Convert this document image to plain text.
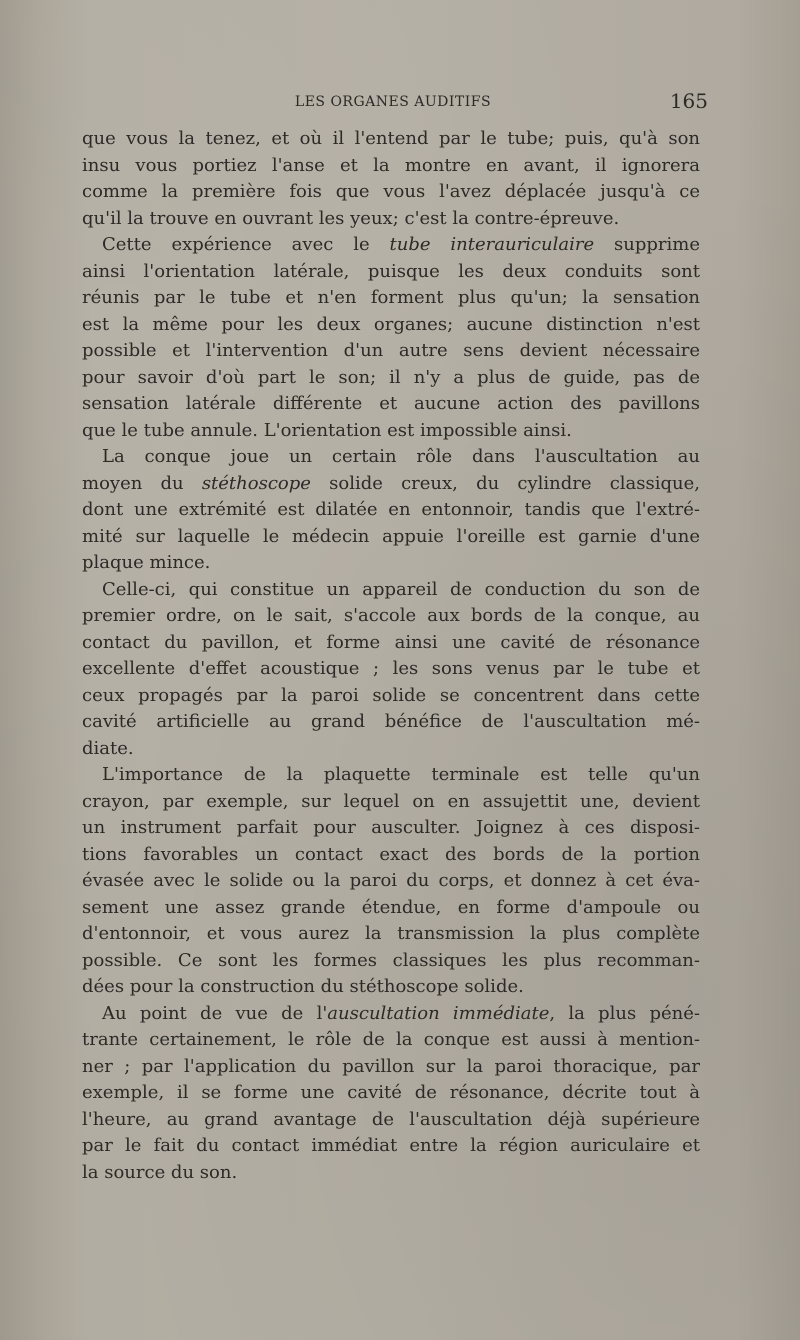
LES ORGANES AUDITIFS	165
que vous la tenez, et où il l'entend par le tube; puis, qu'à son
insu vous portiez l'anse et la montre en avant, il ignorera
comme la première fois que vous l'avez déplacée jusqu'à ce
qu'il la trouve en ouvrant les yeux; c'est la contre-épreuve.
Cette expérience avec le tube interauriculaire supprime
ainsi l'orientation latérale, puisque les deux conduits sont
réunis par le tube et n'en forment plus qu'un; la sensation
est la même pour les deux organes; aucune distinction n'est
possible et l'intervention d'un autre sens devient nécessaire
pour savoir d'où part le son; il n'y a plus de guide, pas de
sensation latérale différente et aucune action des pavillons
que le tube annule. L'orientation est impossible ainsi.
La conque joue un certain rôle dans l'auscultation au
moyen du stéthoscope solide creux, du cylindre classique,
dont une extrémité est dilatée en entonnoir, tandis que l'extré-
mité sur laquelle le médecin appuie l'oreille est garnie d'une
plaque mince.
Celle-ci, qui constitue un appareil de conduction du son de
premier ordre, on le sait, s'accole aux bords de la conque, au
contact du pavillon, et forme ainsi une cavité de résonance
excellente d'effet acoustique ; les sons venus par le tube et
ceux propagés par la paroi solide se concentrent dans cette
cavité artificielle au grand bénéfice de l'auscultation mé-
diate.
L'importance de la plaquette terminale est telle qu'un
crayon, par exemple, sur lequel on en assujettit une, devient
un instrument parfait pour ausculter. Joignez à ces disposi-
tions favorables un contact exact des bords de la portion
évasée avec le solide ou la paroi du corps, et donnez à cet éva-
sement une assez grande étendue, en forme d'ampoule ou
d'entonnoir, et vous aurez la transmission la plus complète
possible. Ce sont les formes classiques les plus recomman-
dées pour la construction du stéthoscope solide.
Au point de vue de l'auscultation immédiate, la plus péné-
trante certainement, le rôle de la conque est aussi à mention-
ner ; par l'application du pavillon sur la paroi thoracique, par
exemple, il se forme une cavité de résonance, décrite tout à
l'heure, au grand avantage de l'auscultation déjà supérieure
par le fait du contact immédiat entre la région auriculaire et
la source du son.
